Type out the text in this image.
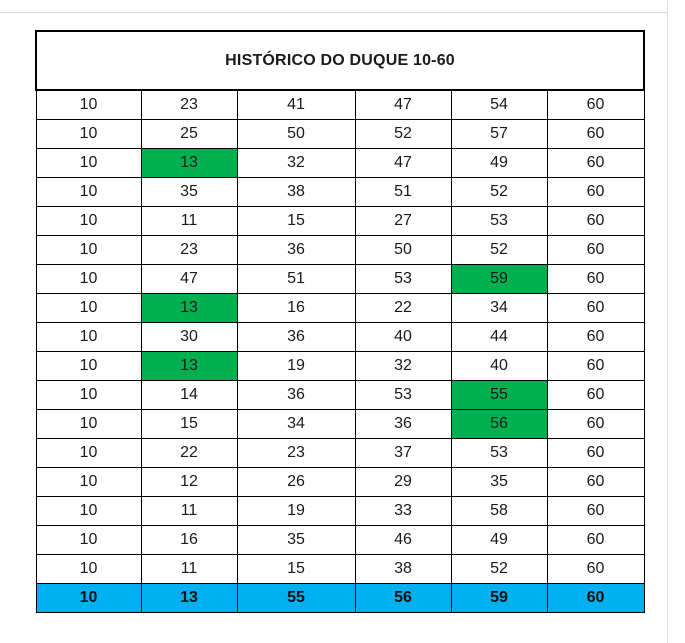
HISTÓRICO DO DUQUE 10-60					
10	23	41	47	54	60
10	25	50	52	57	60
10	13	32	47	49	60
10	35	38	51	52	60
10	11	15	27	53	60
10	23	36	50	52	60
10	47	51	53	59	60
10	13	16	22	34	60
10	30	36	40	44	60
10	13	19	32	40	60
10	14	36	53	55	60
10	15	34	36	56	60
10	22	23	37	53	60
10	12	26	29	35	60
10	11	19	33	58	60
10	16	35	46	49	60
10	11	15	38	52	60
10	13	55	56	59	60
